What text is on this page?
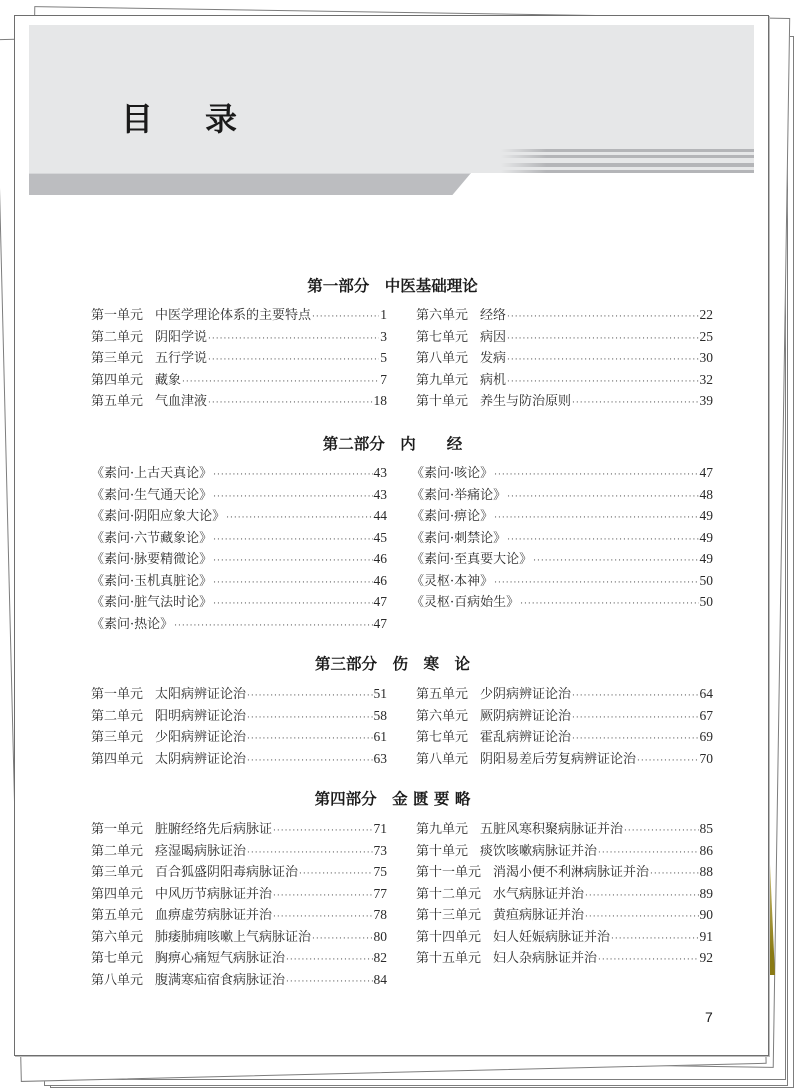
目录
第一部分　中医基础理论
第一单元 中医学理论体系的主要特点 ·····	1
第二单元 阴阳学说 ·····	3
第三单元 五行学说 ·····	5
第四单元 藏象 ·····	7
第五单元 气血津液 ·····	18
第六单元 经络 ·····	22
第七单元 病因 ·····	25
第八单元 发病 ·····	30
第九单元 病机 ·····	32
第十单元 养生与防治原则 ·····	39
第二部分　内　　经
《素问·上古天真论》 ·····	43
《素问·生气通天论》 ·····	43
《素问·阴阳应象大论》 ·····	44
《素问·六节藏象论》 ·····	45
《素问·脉要精微论》 ·····	46
《素问·玉机真脏论》 ·····	46
《素问·脏气法时论》 ·····	47
《素问·热论》 ·····	47
《素问·咳论》 ·····	47
《素问·举痛论》 ·····	48
《素问·痹论》 ·····	49
《素问·刺禁论》 ·····	49
《素问·至真要大论》 ·····	49
《灵枢·本神》 ·····	50
《灵枢·百病始生》 ·····	50
第三部分　伤　寒　论
第一单元 太阳病辨证论治 ·····	51
第二单元 阳明病辨证论治 ·····	58
第三单元 少阳病辨证论治 ·····	61
第四单元 太阴病辨证论治 ·····	63
第五单元 少阴病辨证论治 ·····	64
第六单元 厥阴病辨证论治 ·····	67
第七单元 霍乱病辨证论治 ·····	69
第八单元 阴阳易差后劳复病辨证论治 ·····	70
第四部分　金 匮 要 略
第一单元 脏腑经络先后病脉证 ·····	71
第二单元 痉湿暍病脉证治 ·····	73
第三单元 百合狐盛阴阳毒病脉证治 ·····	75
第四单元 中风历节病脉证并治 ·····	77
第五单元 血痹虚劳病脉证并治 ·····	78
第六单元 肺痿肺痈咳嗽上气病脉证治 ·····	80
第七单元 胸痹心痛短气病脉证治 ·····	82
第八单元 腹满寒疝宿食病脉证治 ·····	84
第九单元 五脏风寒积聚病脉证并治 ·····	85
第十单元 痰饮咳嗽病脉证并治 ·····	86
第十一单元 消渴小便不利淋病脉证并治 ·····	88
第十二单元 水气病脉证并治 ·····	89
第十三单元 黄疸病脉证并治 ·····	90
第十四单元 妇人妊娠病脉证并治 ·····	91
第十五单元 妇人杂病脉证并治 ·····	92
7
